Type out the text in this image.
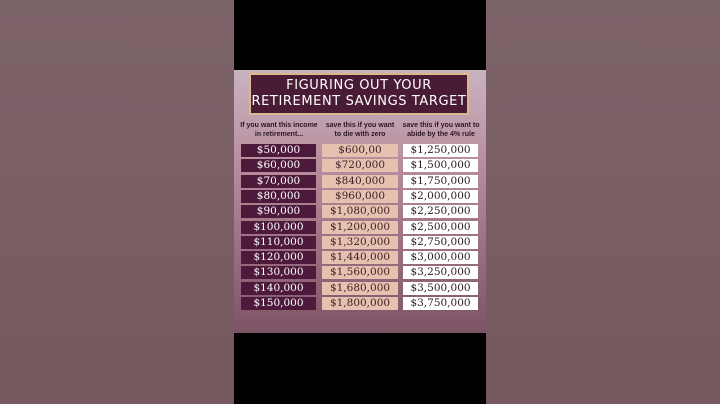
FIGURING OUT YOUR
RETIREMENT SAVINGS TARGET
If you want this income in retirement...
save this if you want to die with zero
save this if you want to abide by the 4% rule
$50,000	$600,00	$1,250,000
$60,000	$720,000	$1,500,000
$70,000	$840,000	$1,750,000
$80,000	$960,000	$2,000,000
$90,000	$1,080,000	$2,250,000
$100,000	$1,200,000	$2,500,000
$110,000	$1,320,000	$2,750,000
$120,000	$1,440,000	$3,000,000
$130,000	$1,560,000	$3,250,000
$140,000	$1,680,000	$3,500,000
$150,000	$1,800,000	$3,750,000
